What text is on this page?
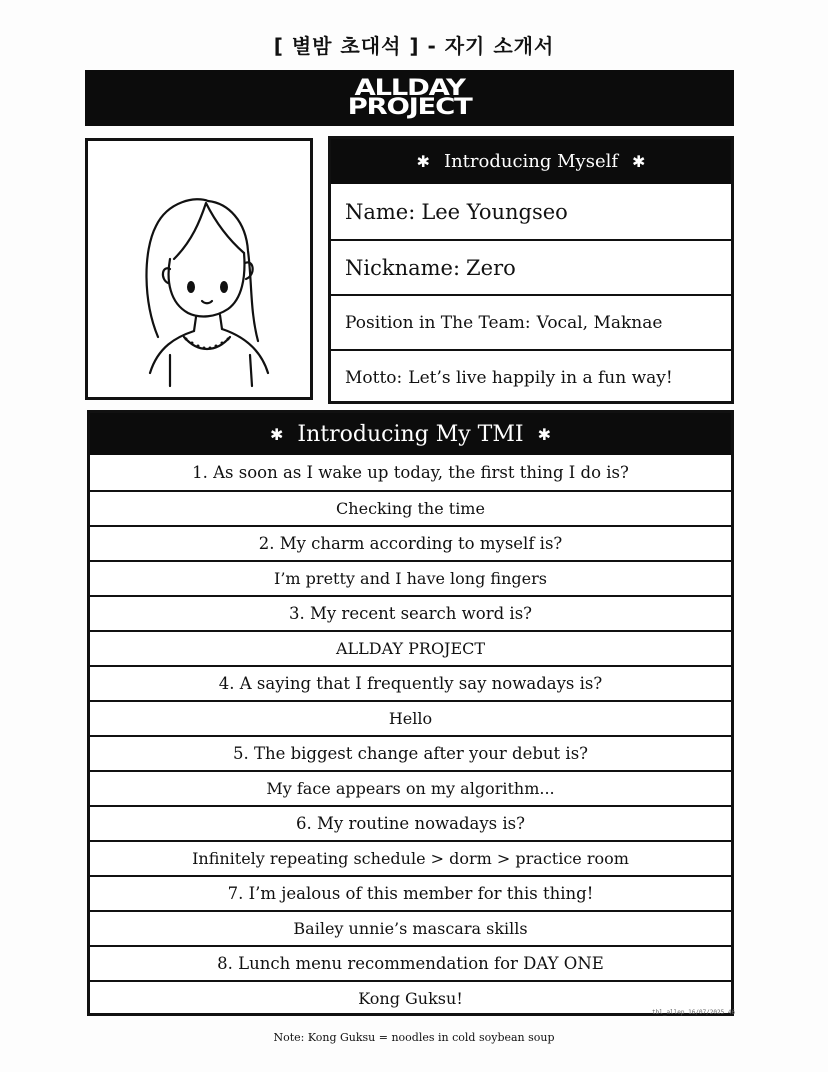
[ 별밤 초대석 ] - 자기 소개서
ALLDAY
PROJECT
✱ Introducing Myself ✱
Name: Lee Youngseo
Nickname: Zero
Position in The Team: Vocal, Maknae
Motto: Let’s live happily in a fun way!
✱ Introducing My TMI ✱
1. As soon as I wake up today, the first thing I do is?
Checking the time
2. My charm according to myself is?
I’m pretty and I have long fingers
3. My recent search word is?
ALLDAY PROJECT
4. A saying that I frequently say nowadays is?
Hello
5. The biggest change after your debut is?
My face appears on my algorithm...
6. My routine nowadays is?
Infinitely repeating schedule > dorm > practice room
7. I’m jealous of this member for this thing!
Bailey unnie’s mascara skills
8. Lunch menu recommendation for DAY ONE
Kong Guksu!
tbl_allep 16/07/2025 46
Note: Kong Guksu = noodles in cold soybean soup
